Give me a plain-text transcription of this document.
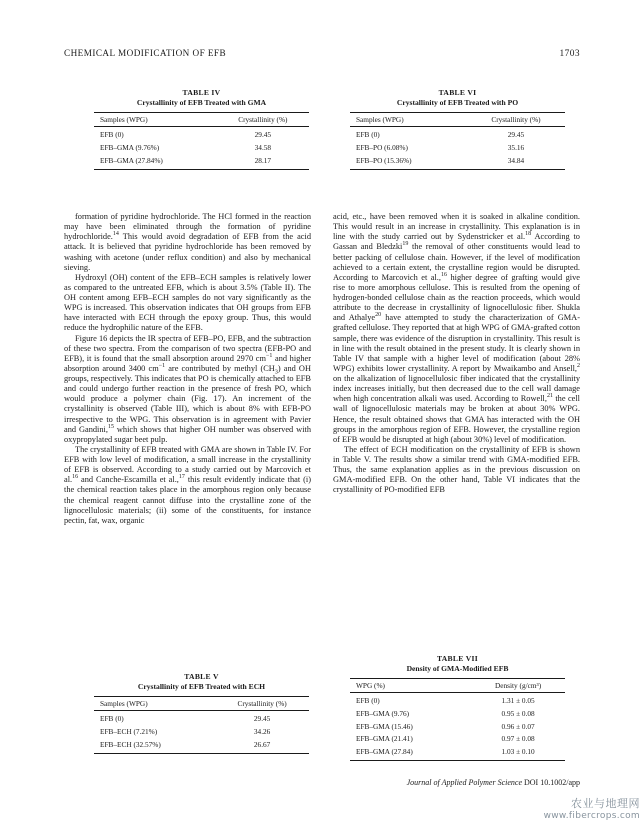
CHEMICAL MODIFICATION OF EFB	1703
TABLE IV
Crystallinity of EFB Treated with GMA
Samples (WPG)	Crystallinity (%)
EFB (0)	29.45
EFB–GMA (9.76%)	34.58
EFB–GMA (27.84%)	28.17
TABLE VI
Crystallinity of EFB Treated with PO
Samples (WPG)	Crystallinity (%)
EFB (0)	29.45
EFB–PO (6.08%)	35.16
EFB–PO (15.36%)	34.84

formation of pyridine hydrochloride. The HCl formed in the reaction may have been eliminated through the formation of pyridine hydrochloride.$^{14}$ This would avoid degradation of EFB from the acid attack. It is believed that pyridine hydrochloride has been removed by washing with acetone (under reflux condition) and also by mechanical sieving.

Hydroxyl (OH) content of the EFB–ECH samples is relatively lower as compared to the untreated EFB, which is about 3.5% (Table II). The OH content among EFB–ECH samples do not vary significantly as the WPG is increased. This observation indicates that OH groups from EFB have interacted with ECH through the epoxy group. Thus, this would reduce the hydrophilic nature of the EFB.

Figure 16 depicts the IR spectra of EFB–PO, EFB, and the subtraction of these two spectra. From the comparison of two spectra (EFB-PO and EFB), it is found that the small absorption around 2970 $cm^{-1}$ and higher absorption around 3400 $cm^{-1}$ are contributed by methyl $(CH_3)$ and OH groups, respectively. This indicates that PO is chemically attached to EFB and could undergo further reaction in the presence of fresh PO, which would produce a polymer chain (Fig. 17). An increment of the crystallinity is observed (Table III), which is about 8% with EFB-PO irrespective to the WPG. This observation is in agreement with Pavier and Gandini,$^{15}$ which shows that higher OH number was observed with oxypropylated sugar beet pulp.

The crystallinity of EFB treated with GMA are shown in Table IV. For EFB with low level of modification, a small increase in the crystallinity of EFB is observed. According to a study carried out by Marcovich et al.$^{16}$ and Canche-Escamilla et al.,$^{17}$ this result evidently indicate that (i) the chemical reaction takes place in the amorphous region only because the chemical reagent cannot diffuse into the crystalline zone of the lignocellulosic materials; (ii) some of the constituents, for instance pectin, fat, wax, organic

acid, etc., have been removed when it is soaked in alkaline condition. This would result in an increase in crystallinity. This explanation is in line with the study carried out by Sydenstricker et al.$^{18}$ According to Gassan and Bledzki$^{19}$ the removal of other constituents would lead to better packing of cellulose chain. However, if the level of modification achieved to a certain extent, the crystalline region would be disrupted. According to Marcovich et al.,$^{16}$ higher degree of grafting would give rise to more amorphous cellulose. This is resulted from the opening of hydrogen-bonded cellulose chain as the reaction proceeds, which would attribute to the decrease in crystallinity of lignocellulosic fiber. Shukla and Athalye$^{20}$ have attempted to study the characterization of GMA-grafted cellulose. They reported that at high WPG of GMA-grafted cotton sample, there was evidence of the disruption in crystallinity. This result is in line with the result obtained in the present study. It is clearly shown in Table IV that sample with a higher level of modification (about 28% WPG) exhibits lower crystallinity. A report by Mwaikambo and Ansell,$^2$ on the alkalization of lignocellulosic fiber indicated that the crystallinity index increases initially, but then decreased due to the cell wall damage when high concentration alkali was used. According to Rowell,$^{21}$ the cell wall of lignocellulosic materials may be broken at about 30% WPG. Hence, the result obtained shows that GMA has interacted with the OH groups in the amorphous region of EFB. However, the crystalline region of EFB would be disrupted at high (about 30%) level of modification.

The effect of ECH modification on the crystallinity of EFB is shown in Table V. The results show a similar trend with GMA-modified EFB. Thus, the same explanation applies as in the previous discussion on GMA-modified EFB. On the other hand, Table VI indicates that the crystallinity of PO-modified EFB

TABLE V
Crystallinity of EFB Treated with ECH
Samples (WPG)	Crystallinity (%)
EFB (0)	29.45
EFB–ECH (7.21%)	34.26
EFB–ECH (32.57%)	26.67
TABLE VII
Density of GMA-Modified EFB
WPG (%)	Density (g/cm³)
EFB (0)	1.31 ± 0.05
EFB–GMA (9.76)	0.95 ± 0.08
EFB–GMA (15.46)	0.96 ± 0.07
EFB–GMA (21.41)	0.97 ± 0.08
EFB–GMA (27.84)	1.03 ± 0.10
Journal of Applied Polymer Science DOI 10.1002/app
农业与地理网
www.fibercrops.com
